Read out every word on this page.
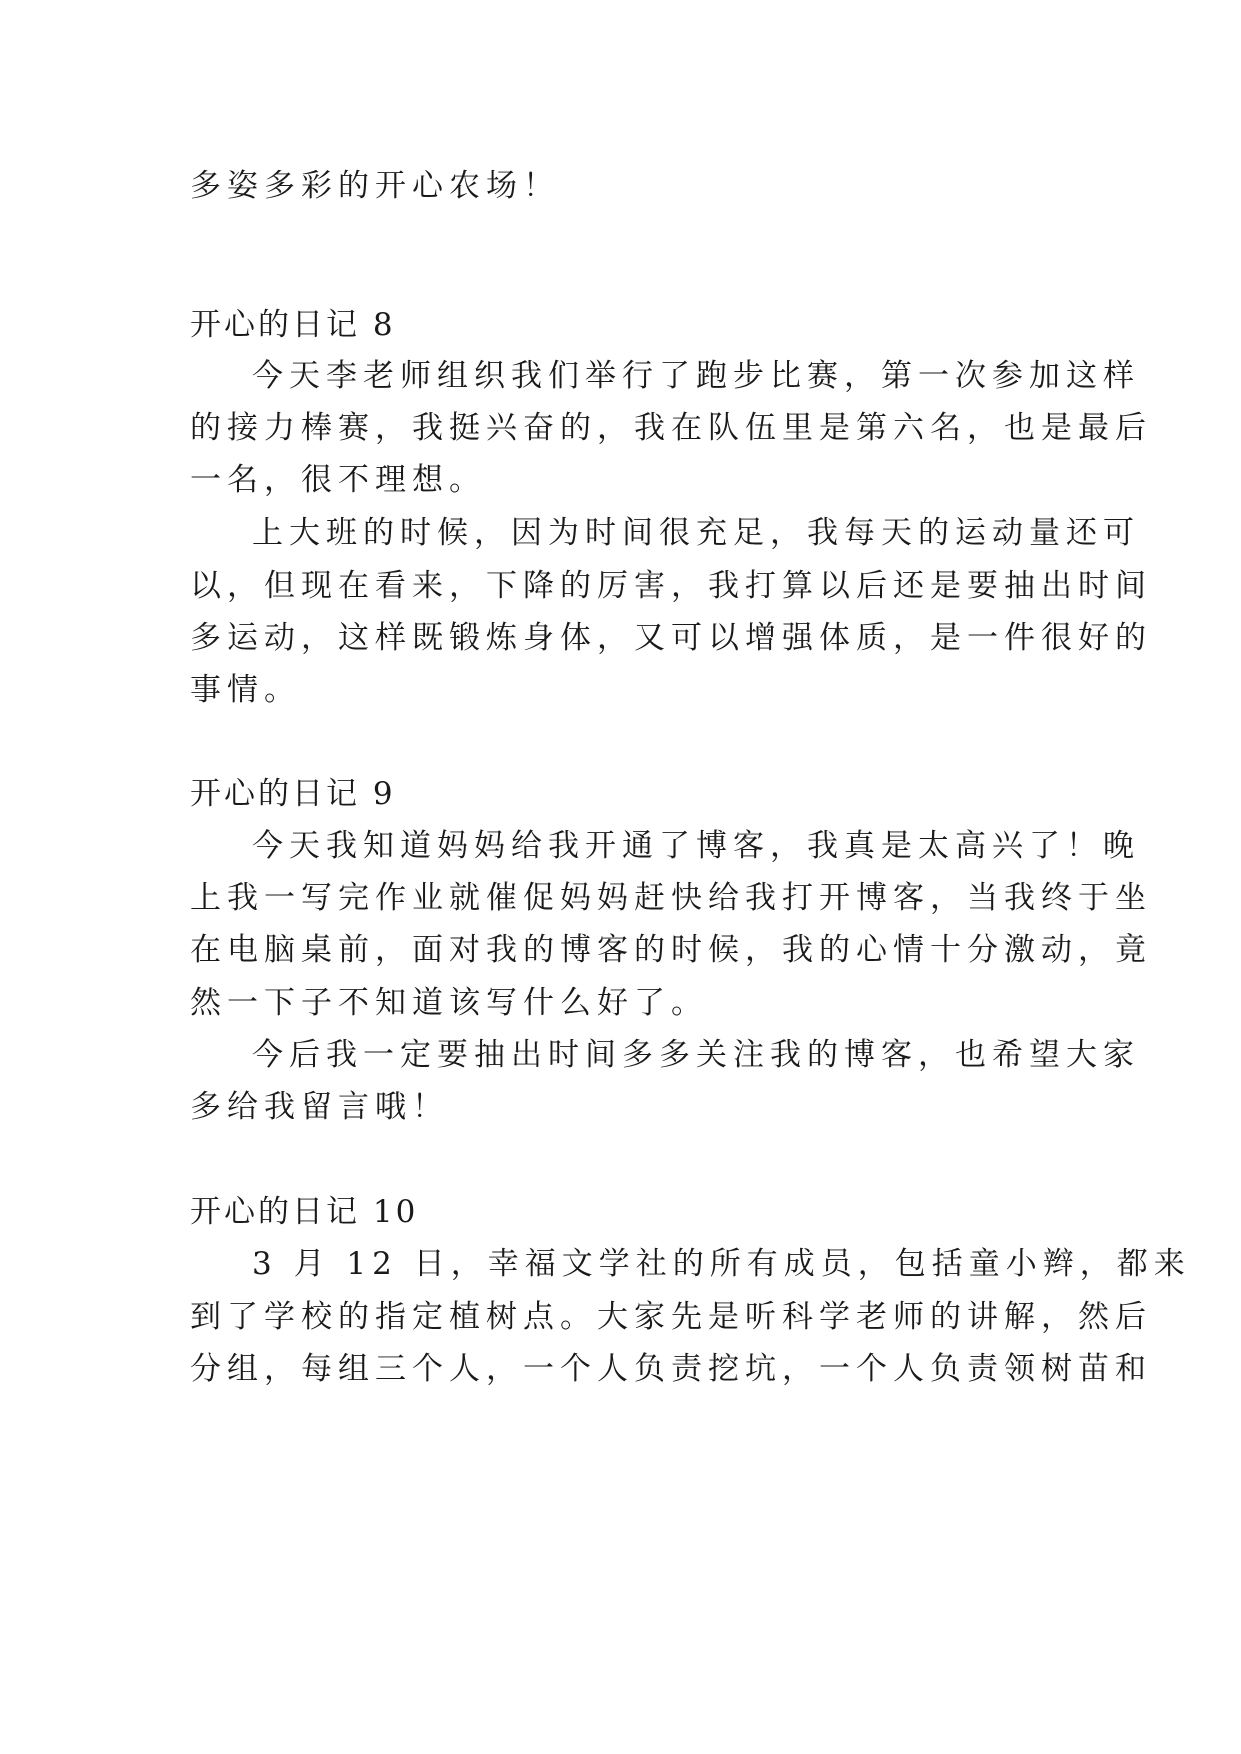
多姿多彩的开心农场！
开心的日记 8
今天李老师组织我们举行了跑步比赛，第一次参加这样
的接力棒赛，我挺兴奋的，我在队伍里是第六名，也是最后
一名，很不理想。
上大班的时候，因为时间很充足，我每天的运动量还可
以，但现在看来，下降的厉害，我打算以后还是要抽出时间
多运动，这样既锻炼身体，又可以增强体质，是一件很好的
事情。
开心的日记 9
今天我知道妈妈给我开通了博客，我真是太高兴了！晚
上我一写完作业就催促妈妈赶快给我打开博客，当我终于坐
在电脑桌前，面对我的博客的时候，我的心情十分激动，竟
然一下子不知道该写什么好了。
今后我一定要抽出时间多多关注我的博客，也希望大家
多给我留言哦！
开心的日记 10
3 月 12 日，幸福文学社的所有成员，包括童小辫，都来
到了学校的指定植树点。大家先是听科学老师的讲解，然后
分组，每组三个人，一个人负责挖坑，一个人负责领树苗和
